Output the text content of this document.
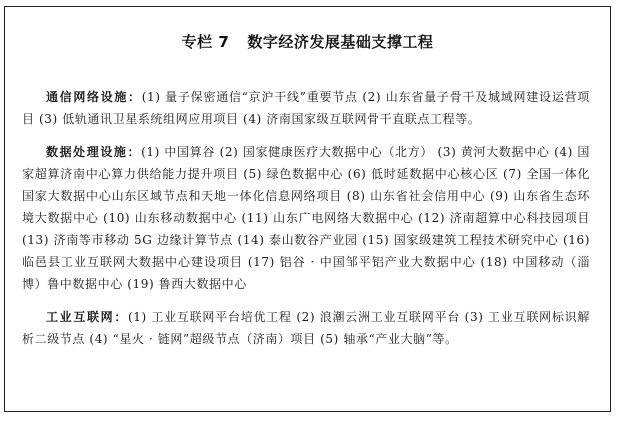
专栏 7 数字经济发展基础支撑工程

通信网络设施：(1) 量子保密通信“京沪干线”重要节点 (2) 山东省量子骨干及城域网建设运营项目 (3) 低轨通讯卫星系统组网应用项目 (4) 济南国家级互联网骨干直联点工程等。

数据处理设施：(1) 中国算谷 (2) 国家健康医疗大数据中心（北方） (3) 黄河大数据中心 (4) 国家超算济南中心算力供给能力提升项目 (5) 绿色数据中心 (6) 低时延数据中心核心区 (7) 全国一体化国家大数据中心山东区域节点和天地一体化信息网络项目 (8) 山东省社会信用中心 (9) 山东省生态环境大数据中心 (10) 山东移动数据中心 (11) 山东广电网络大数据中心 (12) 济南超算中心科技园项目 (13) 济南等市移动 5G 边缘计算节点 (14) 泰山数谷产业园 (15) 国家级建筑工程技术研究中心 (16) 临邑县工业互联网大数据中心建设项目 (17) 铝谷 · 中国邹平铝产业大数据中心 (18) 中国移动（淄博）鲁中数据中心 (19) 鲁西大数据中心

工业互联网：(1) 工业互联网平台培优工程 (2) 浪潮云洲工业互联网平台 (3) 工业互联网标识解析二级节点 (4) “星火 · 链网”超级节点（济南）项目 (5) 轴承“产业大脑”等。
